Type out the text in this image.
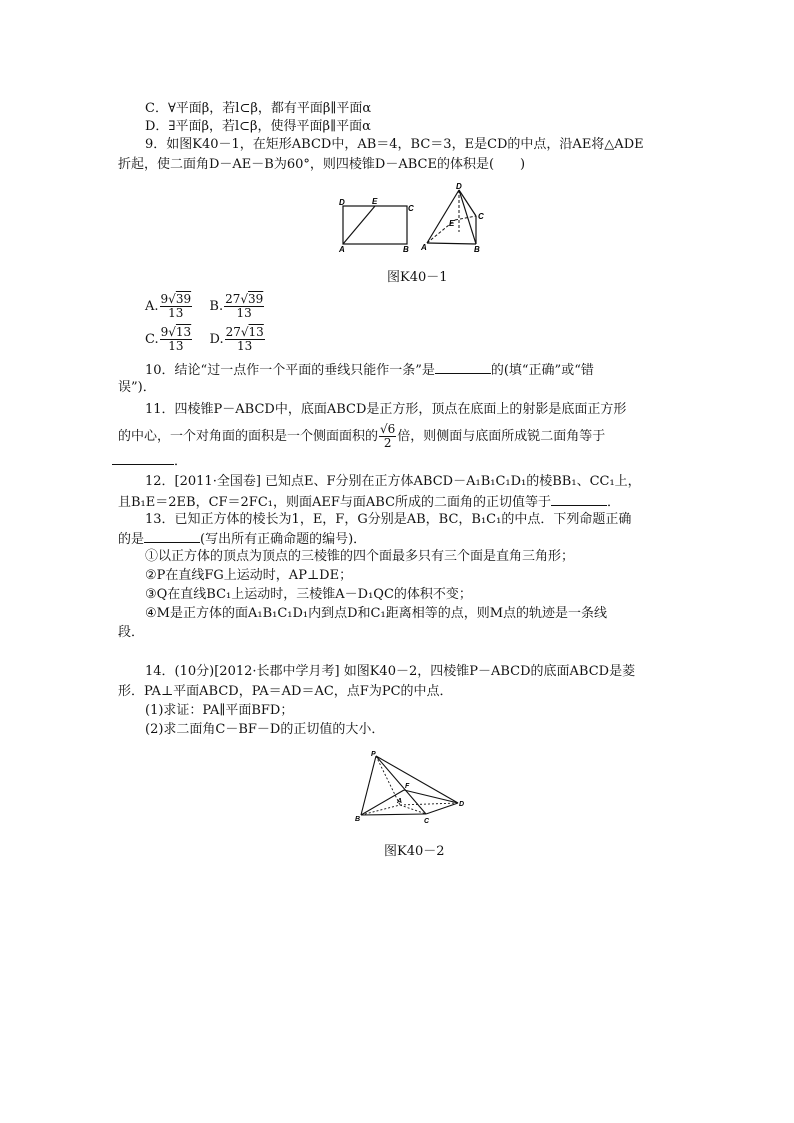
C．∀平面β，若l⊂β，都有平面β∥平面α
D．∃平面β，若l⊂β，使得平面β∥平面α
9．如图K40－1，在矩形ABCD中，AB＝4，BC＝3，E是CD的中点，沿AE将△ADE
折起，使二面角D－AE－B为60°，则四棱锥D－ABCE的体积是(　　)
D	E
C
A	B
D
E
C
A	B
图K40－1
A. $\frac{9√39}{13} B$. $\frac{27√39}{13}$
C. $\frac{9√13}{13} D$. $\frac{27√13}{13}$
10．结论“过一点作一个平面的垂线只能作一条”是	的(填“正确”或“错
误”)．
11．四棱锥P－ABCD中，底面ABCD是正方形，顶点在底面上的射影是底面正方形
的中心，一个对角面的面积是一个侧面面积的 $\frac{√6}{2}$ 倍，则侧面与底面所成锐二面角等于
．
12．[2011·全国卷] 已知点E、F分别在正方体ABCD－A₁B₁C₁D₁的棱BB₁、CC₁上，
且B₁E＝2EB，CF＝2FC₁，则面AEF与面ABC所成的二面角的正切值等于	．
13．已知正方体的棱长为1，E，F，G分别是AB，BC，B₁C₁的中点．下列命题正确
的是	(写出所有正确命题的编号)．
①以正方体的顶点为顶点的三棱锥的四个面最多只有三个面是直角三角形；
②P在直线FG上运动时，AP⊥DE；
③Q在直线BC₁上运动时，三棱锥A－D₁QC的体积不变；
④M是正方体的面A₁B₁C₁D₁内到点D和C₁距离相等的点，则M点的轨迹是一条线
段．
14．(10分)[2012·长郡中学月考] 如图K40－2，四棱锥P－ABCD的底面ABCD是菱
形．PA⊥平面ABCD，PA＝AD＝AC，点F为PC的中点．
(1)求证：PA∥平面BFD；
(2)求二面角C－BF－D的正切值的大小．
P
F
A
B	C
D
图K40－2
